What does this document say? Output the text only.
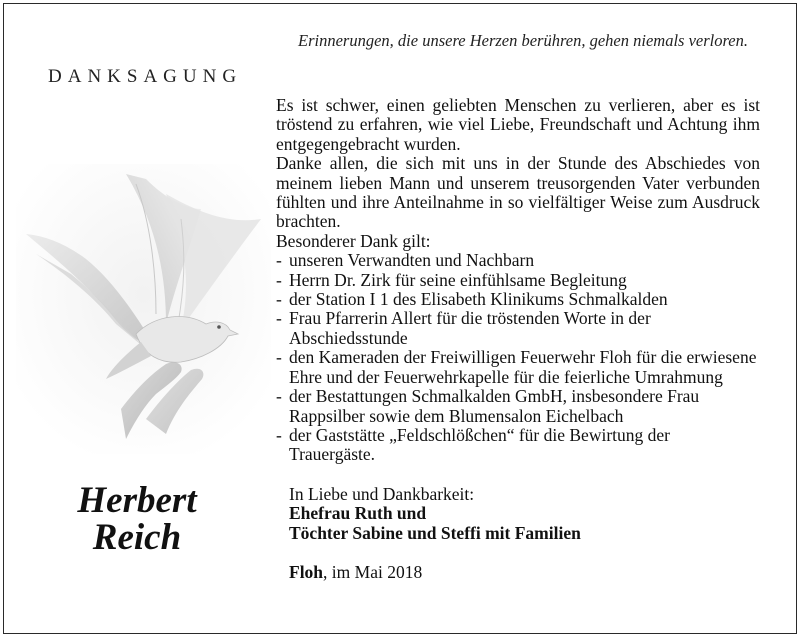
Erinnerungen, die unsere Herzen berühren, gehen niemals verloren.
DANKSAGUNG
Herbert
Reich

Es ist schwer, einen geliebten Menschen zu verlieren, aber es ist tröstend zu erfahren, wie viel Liebe, Freundschaft und Achtung ihm entgegengebracht wurden.

Danke allen, die sich mit uns in der Stunde des Abschiedes von meinem lieben Mann und unserem treusorgenden Vater verbunden fühlten und ihre Anteilnahme in so vielfältiger Weise zum Ausdruck brachten.

Besonderer Dank gilt:

- unseren Verwandten und Nachbarn
- Herrn Dr. Zirk für seine einfühlsame Begleitung
- der Station I 1 des Elisabeth Klinikums Schmalkalden
- Frau Pfarrerin Allert für die tröstenden Worte in der Abschiedsstunde
- den Kameraden der Freiwilligen Feuerwehr Floh für die erwiesene Ehre und der Feuerwehrkapelle für die feierliche Umrahmung
- der Bestattungen Schmalkalden GmbH, insbesondere Frau Rappsilber sowie dem Blumensalon Eichelbach
- der Gaststätte „Feldschlößchen“ für die Bewirtung der Trauergäste.
In Liebe und Dankbarkeit:
Ehefrau Ruth und
Töchter Sabine und Steffi mit Familien
Floh, im Mai 2018
